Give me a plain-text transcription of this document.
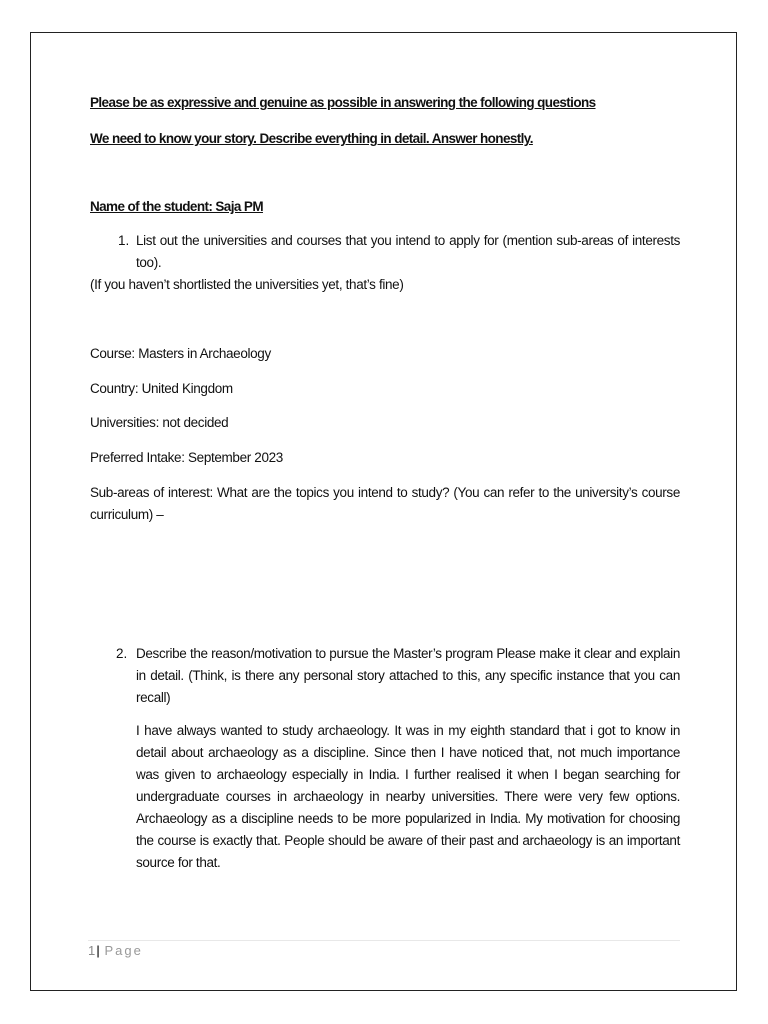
Please be as expressive and genuine as possible in answering the following questions
We need to know your story. Describe everything in detail. Answer honestly.
Name of the student: Saja PM
1. List out the universities and courses that you intend to apply for (mention sub-areas of interests too).
(If you haven’t shortlisted the universities yet, that’s fine)
Course: Masters in Archaeology
Country: United Kingdom
Universities: not decided
Preferred Intake: September 2023
Sub-areas of interest: What are the topics you intend to study? (You can refer to the university’s course curriculum) –
2. Describe the reason/motivation to pursue the Master’s program Please make it clear and explain in detail. (Think, is there any personal story attached to this, any specific instance that you can recall)
I have always wanted to study archaeology. It was in my eighth standard that i got to know in detail about archaeology as a discipline. Since then I have noticed that, not much importance was given to archaeology especially in India. I further realised it when I began searching for undergraduate courses in archaeology in nearby universities. There were very few options. Archaeology as a discipline needs to be more popularized in India. My motivation for choosing the course is exactly that. People should be aware of their past and archaeology is an important source for that.
1| Page
